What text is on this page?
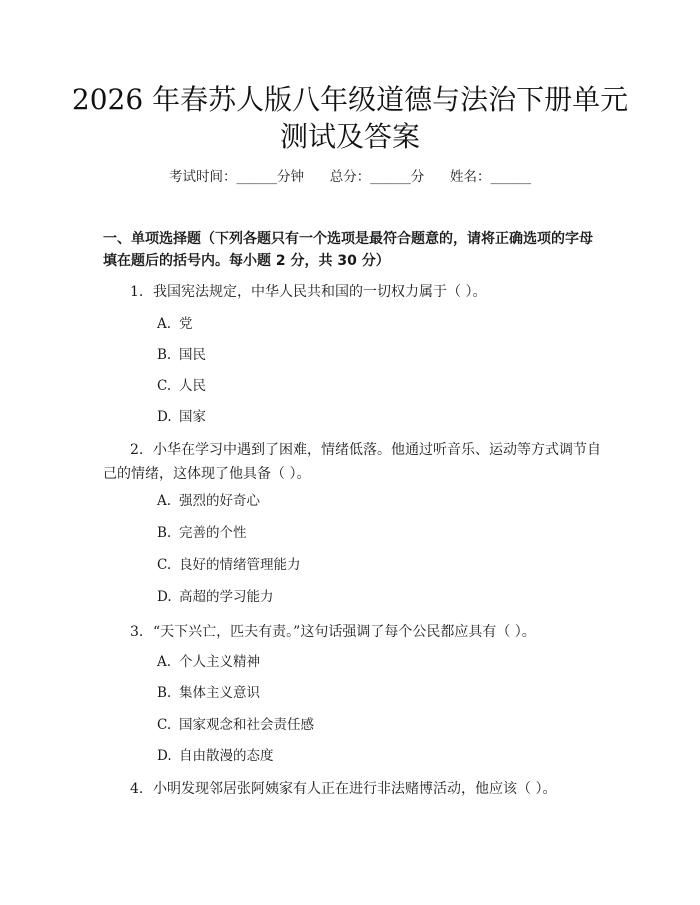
2026 年春苏人版八年级道德与法治下册单元
测试及答案
考试时间：______分钟      总分：______分      姓名：______
一、单项选择题（下列各题只有一个选项是最符合题意的，请将正确选项的字母
填在题后的括号内。每小题 2 分，共 30 分）
1. 我国宪法规定，中华人民共和国的一切权力属于（ ）。
A. 党
B. 国民
C. 人民
D. 国家
2. 小华在学习中遇到了困难，情绪低落。他通过听音乐、运动等方式调节自
己的情绪，这体现了他具备（ ）。
A. 强烈的好奇心
B. 完善的个性
C. 良好的情绪管理能力
D. 高超的学习能力
3. “天下兴亡，匹夫有责。”这句话强调了每个公民都应具有（ ）。
A. 个人主义精神
B. 集体主义意识
C. 国家观念和社会责任感
D. 自由散漫的态度
4. 小明发现邻居张阿姨家有人正在进行非法赌博活动，他应该（ ）。
